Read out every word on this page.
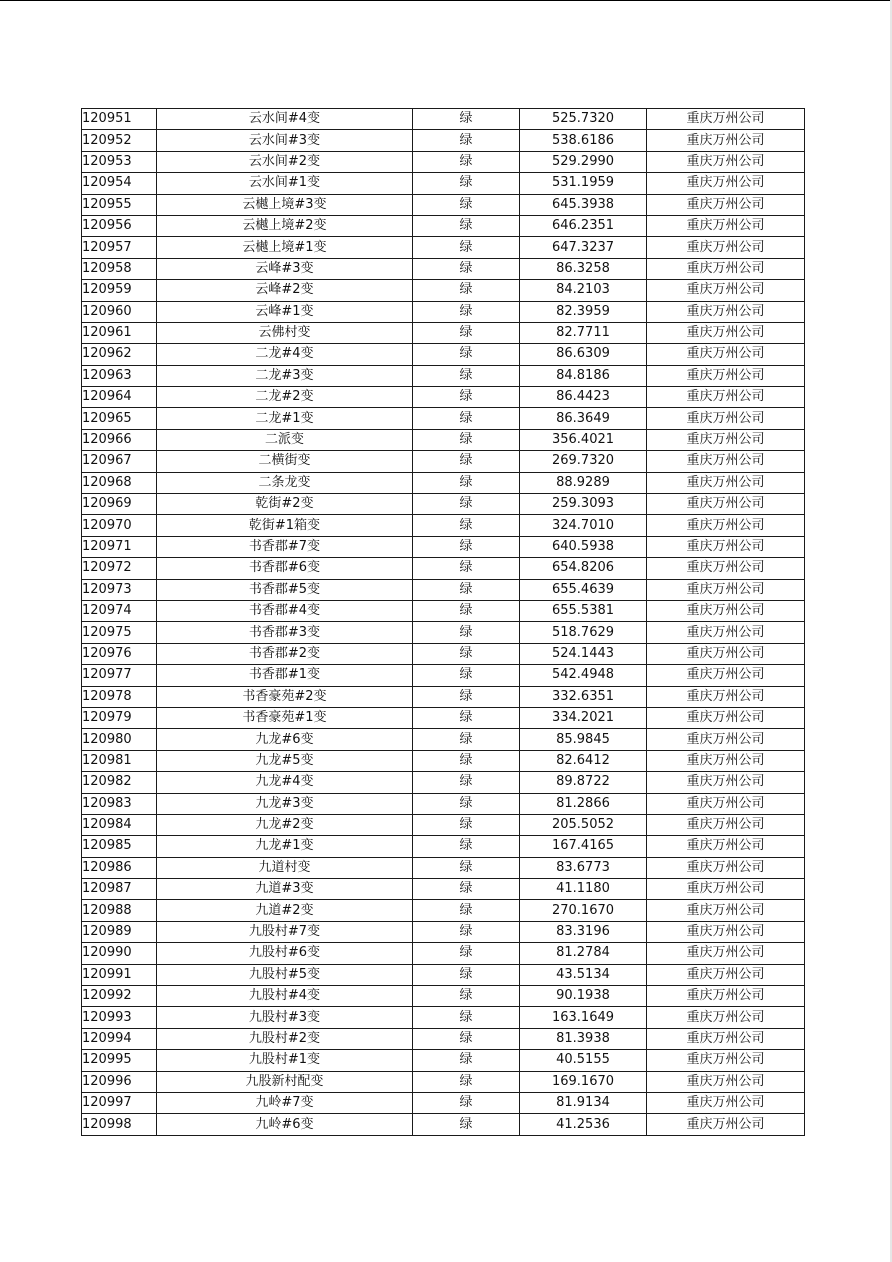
120951	云水间#4变	绿	525.7320	重庆万州公司
120952	云水间#3变	绿	538.6186	重庆万州公司
120953	云水间#2变	绿	529.2990	重庆万州公司
120954	云水间#1变	绿	531.1959	重庆万州公司
120955	云樾上境#3变	绿	645.3938	重庆万州公司
120956	云樾上境#2变	绿	646.2351	重庆万州公司
120957	云樾上境#1变	绿	647.3237	重庆万州公司
120958	云峰#3变	绿	86.3258	重庆万州公司
120959	云峰#2变	绿	84.2103	重庆万州公司
120960	云峰#1变	绿	82.3959	重庆万州公司
120961	云佛村变	绿	82.7711	重庆万州公司
120962	二龙#4变	绿	86.6309	重庆万州公司
120963	二龙#3变	绿	84.8186	重庆万州公司
120964	二龙#2变	绿	86.4423	重庆万州公司
120965	二龙#1变	绿	86.3649	重庆万州公司
120966	二派变	绿	356.4021	重庆万州公司
120967	二横街变	绿	269.7320	重庆万州公司
120968	二条龙变	绿	88.9289	重庆万州公司
120969	乾街#2变	绿	259.3093	重庆万州公司
120970	乾街#1箱变	绿	324.7010	重庆万州公司
120971	书香郡#7变	绿	640.5938	重庆万州公司
120972	书香郡#6变	绿	654.8206	重庆万州公司
120973	书香郡#5变	绿	655.4639	重庆万州公司
120974	书香郡#4变	绿	655.5381	重庆万州公司
120975	书香郡#3变	绿	518.7629	重庆万州公司
120976	书香郡#2变	绿	524.1443	重庆万州公司
120977	书香郡#1变	绿	542.4948	重庆万州公司
120978	书香豪苑#2变	绿	332.6351	重庆万州公司
120979	书香豪苑#1变	绿	334.2021	重庆万州公司
120980	九龙#6变	绿	85.9845	重庆万州公司
120981	九龙#5变	绿	82.6412	重庆万州公司
120982	九龙#4变	绿	89.8722	重庆万州公司
120983	九龙#3变	绿	81.2866	重庆万州公司
120984	九龙#2变	绿	205.5052	重庆万州公司
120985	九龙#1变	绿	167.4165	重庆万州公司
120986	九道村变	绿	83.6773	重庆万州公司
120987	九道#3变	绿	41.1180	重庆万州公司
120988	九道#2变	绿	270.1670	重庆万州公司
120989	九股村#7变	绿	83.3196	重庆万州公司
120990	九股村#6变	绿	81.2784	重庆万州公司
120991	九股村#5变	绿	43.5134	重庆万州公司
120992	九股村#4变	绿	90.1938	重庆万州公司
120993	九股村#3变	绿	163.1649	重庆万州公司
120994	九股村#2变	绿	81.3938	重庆万州公司
120995	九股村#1变	绿	40.5155	重庆万州公司
120996	九股新村配变	绿	169.1670	重庆万州公司
120997	九岭#7变	绿	81.9134	重庆万州公司
120998	九岭#6变	绿	41.2536	重庆万州公司
